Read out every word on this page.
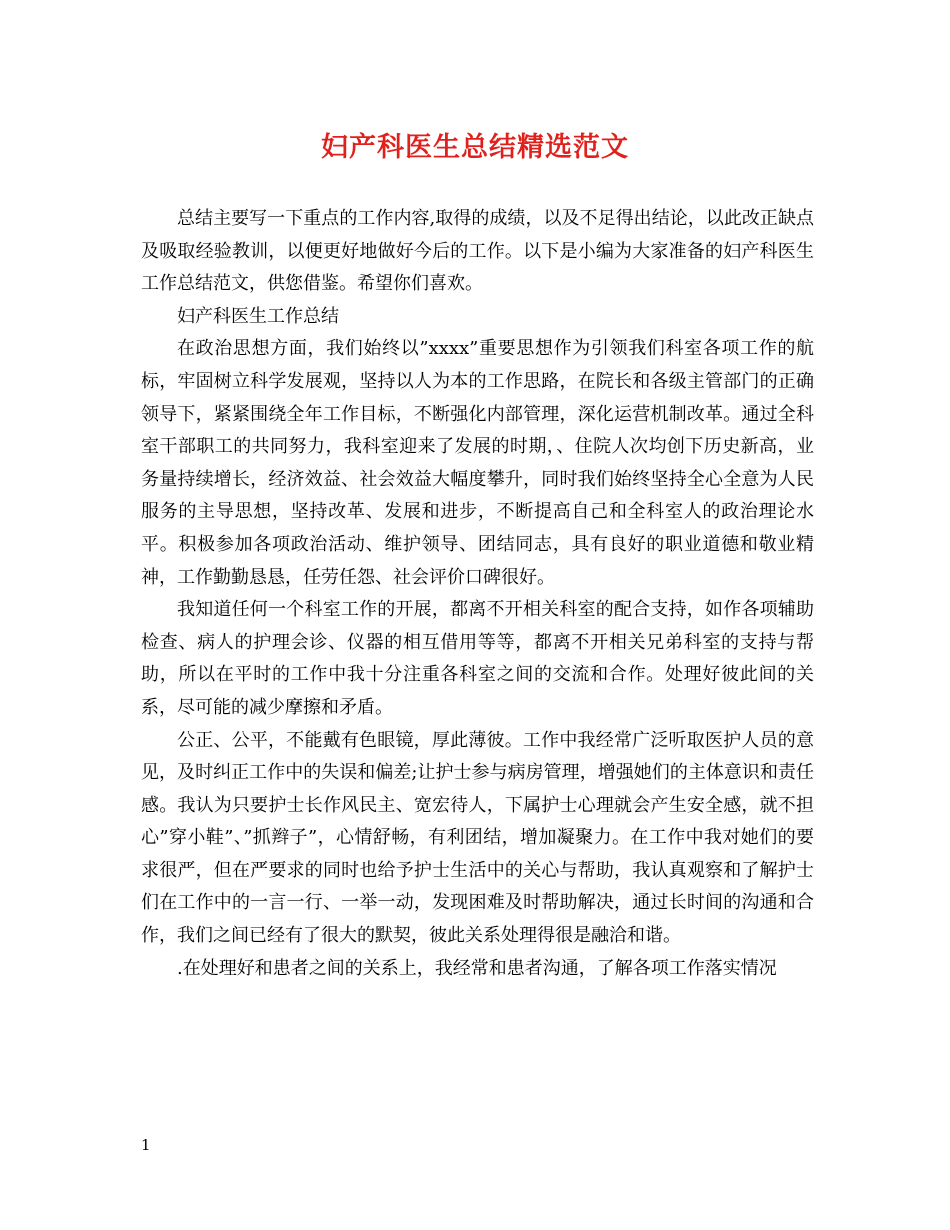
妇产科医生总结精选范文

总结主要写一下重点的工作内容,取得的成绩，以及不足得出结论，以此改正缺点及吸取经验教训，以便更好地做好今后的工作。以下是小编为大家准备的妇产科医生工作总结范文，供您借鉴。希望你们喜欢。

妇产科医生工作总结

在政治思想方面，我们始终以”xxxx”重要思想作为引领我们科室各项工作的航标，牢固树立科学发展观，坚持以人为本的工作思路，在院长和各级主管部门的正确领导下，紧紧围绕全年工作目标，不断强化内部管理，深化运营机制改革。通过全科室干部职工的共同努力，我科室迎来了发展的时期，、住院人次均创下历史新高，业务量持续增长，经济效益、社会效益大幅度攀升，同时我们始终坚持全心全意为人民服务的主导思想，坚持改革、发展和进步，不断提高自己和全科室人的政治理论水平。积极参加各项政治活动、维护领导、团结同志，具有良好的职业道德和敬业精神，工作勤勤恳恳，任劳任怨、社会评价口碑很好。

我知道任何一个科室工作的开展，都离不开相关科室的配合支持，如作各项辅助检查、病人的护理会诊、仪器的相互借用等等，都离不开相关兄弟科室的支持与帮助，所以在平时的工作中我十分注重各科室之间的交流和合作。处理好彼此间的关系，尽可能的减少摩擦和矛盾。

公正、公平，不能戴有色眼镜，厚此薄彼。工作中我经常广泛听取医护人员的意见，及时纠正工作中的失误和偏差;让护士参与病房管理，增强她们的主体意识和责任感。我认为只要护士长作风民主、宽宏待人，下属护士心理就会产生安全感，就不担心”穿小鞋”、”抓辫子”，心情舒畅，有利团结，增加凝聚力。在工作中我对她们的要求很严，但在严要求的同时也给予护士生活中的关心与帮助，我认真观察和了解护士们在工作中的一言一行、一举一动，发现困难及时帮助解决，通过长时间的沟通和合作，我们之间已经有了很大的默契，彼此关系处理得很是融洽和谐。

.在处理好和患者之间的关系上，我经常和患者沟通，了解各项工作落实情况

1
